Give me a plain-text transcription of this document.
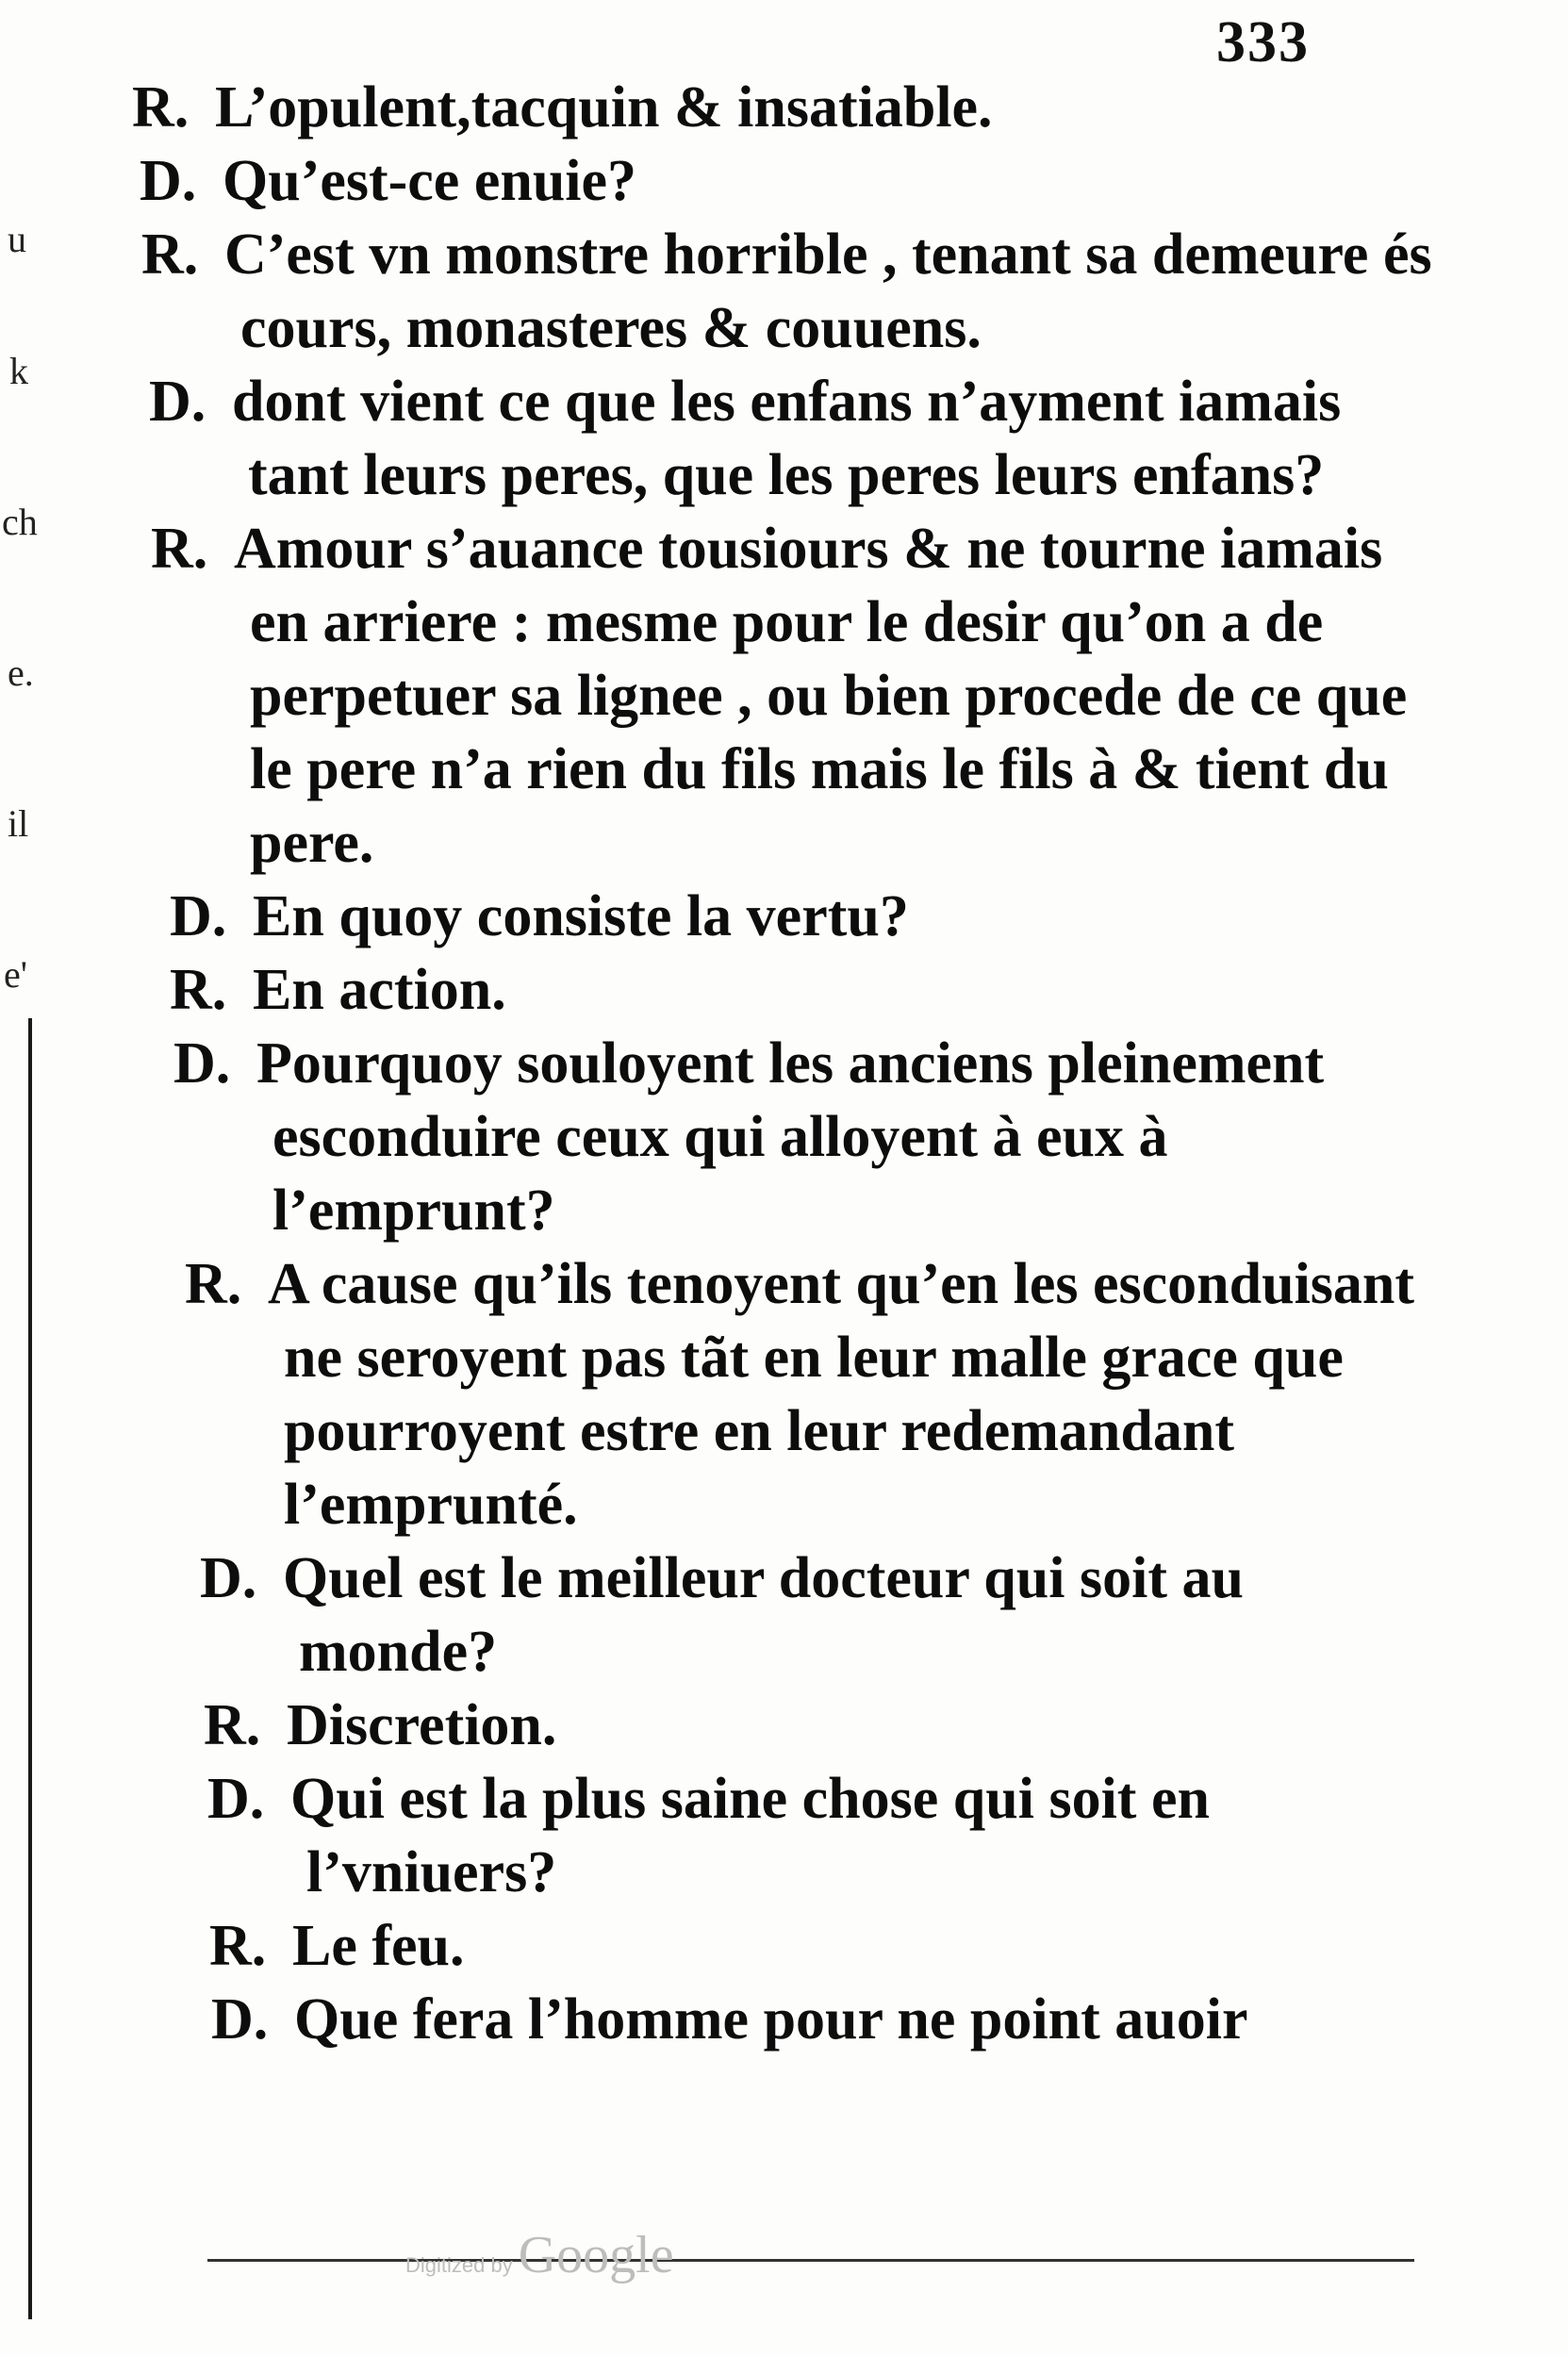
333
u
k
ch
e.
il
e'
R. L’opulent,tacquin & insatiable.
D. Qu’est-ce enuie?
R. C’est vn monstre horrible , tenant sa demeure és cours, monasteres & couuens.
D. dont vient ce que les enfans n’ayment iamais tant leurs peres, que les peres leurs enfans?
R. Amour s’auance tousiours & ne tourne iamais en arriere : mesme pour le desir qu’on a de perpetuer sa lignee , ou bien procede de ce que le pere n’a rien du fils mais le fils à & tient du pere.
D. En quoy consiste la vertu?
R. En action.
D. Pourquoy souloyent les anciens pleinement esconduire ceux qui alloyent à eux à l’emprunt?
R. A cause qu’ils tenoyent qu’en les esconduisant ne seroyent pas tãt en leur malle grace que pourroyent estre en leur redemandant l’emprunté.
D. Quel est le meilleur docteur qui soit au monde?
R. Discretion.
D. Qui est la plus saine chose qui soit en l’vniuers?
R. Le feu.
D. Que fera l’homme pour ne point auoir
Digitized by Google
